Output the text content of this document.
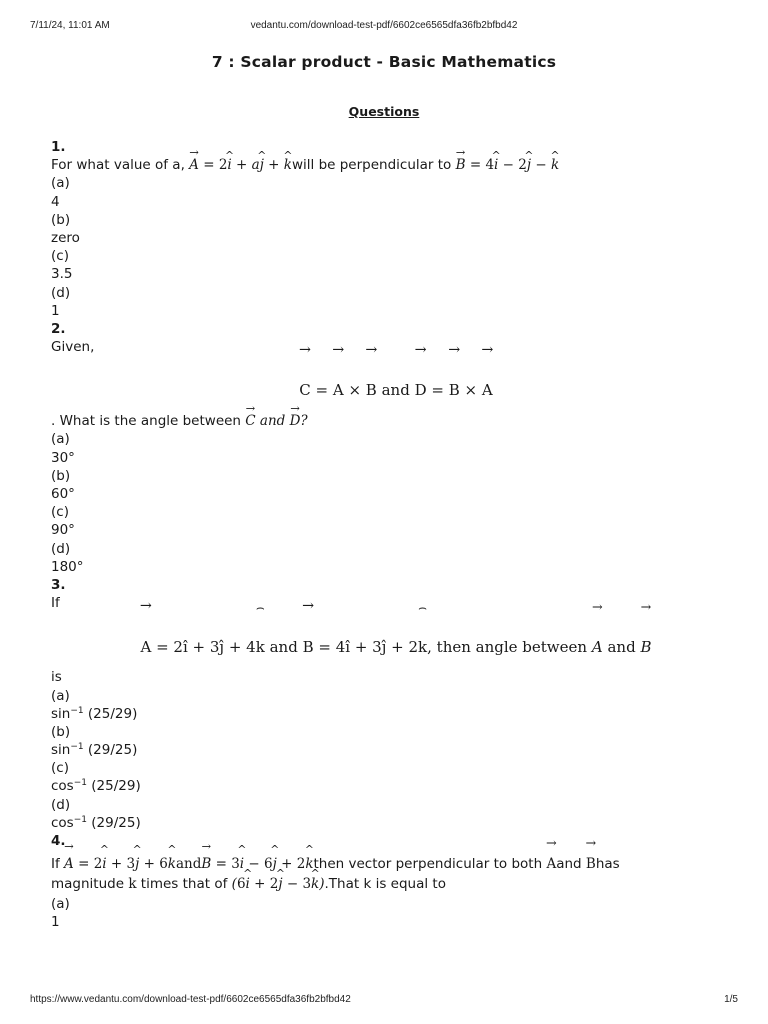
7/11/24, 11:01 AM	vedantu.com/download-test-pdf/6602ce6565dfa36fb2bfbd42
7 : Scalar product - Basic Mathematics
Questions
1.
For what value of a, → A = 2^ i + a^ j + ^ kwill be perpendicular to → B = 4^ i − 2^ j − ^ k
(a)
4
(b)
zero
(c)
3.5
(d)
1
2.
Given,
→ C = → A × → B and → D = → B × → A
. What is the angle between → C and → D?
(a)
30°
(b)
60°
(c)
90°
(d)
180°
3.
If
→ A = 2î + 3ĵ + 4⌢ k and → B = 4î + 3ĵ + 2⌢ k, then angle between → A and → B
is
(a)
$\sin^{-1} (25/29)$
(b)
$\sin^{-1} (29/25)$
(c)
$\cos^{-1} (25/29)$
(d)
$\cos^{-1} (29/25)$
4.
If → A = 2^ i + 3^ j + 6^ kand→ B = 3^ i − 6^ j + 2^ kthen vector perpendicular to both → Aand → Bhas
magnitude k times that of (6^ i + 2^ j − 3^ k).That k is equal to
(a)
1
https://www.vedantu.com/download-test-pdf/6602ce6565dfa36fb2bfbd42	1/5
